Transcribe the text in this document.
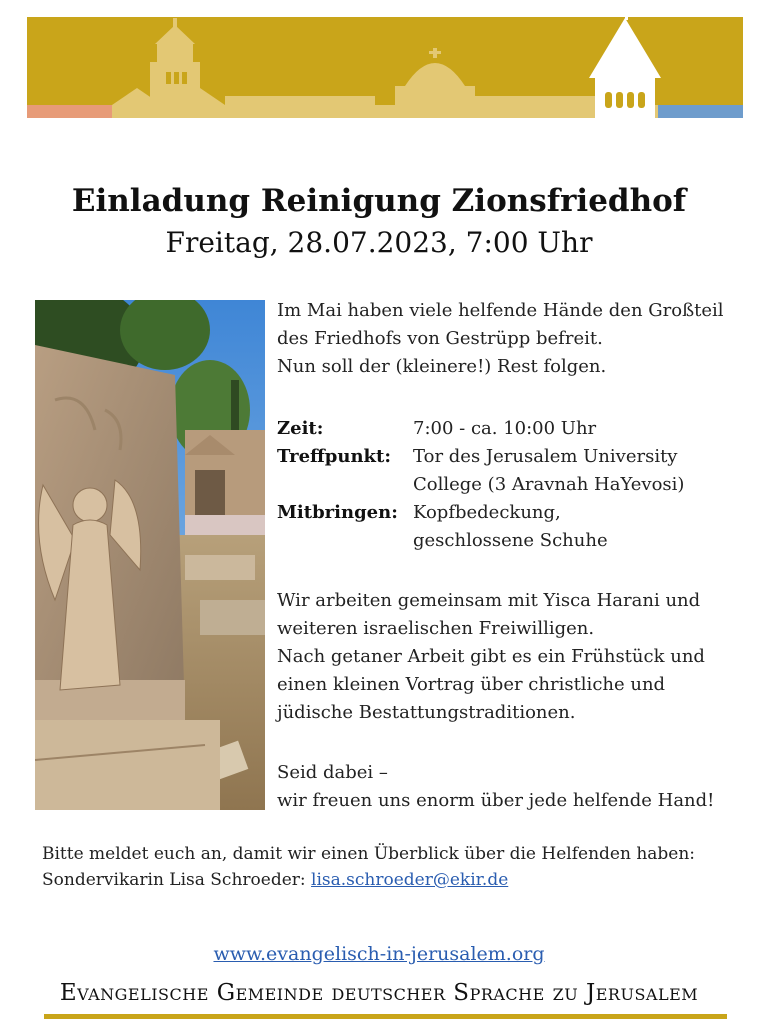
Einladung Reinigung Zionsfriedhof
Freitag, 28.07.2023, 7:00 Uhr
Im Mai haben viele helfende Hände den Großteil
des Friedhofs von Gestrüpp befreit.
Nun soll der (kleinere!) Rest folgen.
Zeit:	7:00 - ca. 10:00 Uhr
Treffpunkt:	Tor des Jerusalem University
College (3 Aravnah HaYevosi)
Mitbringen: Kopfbedeckung,
geschlossene Schuhe
Wir arbeiten gemeinsam mit Yisca Harani und
weiteren israelischen Freiwilligen.
Nach getaner Arbeit gibt es ein Frühstück und
einen kleinen Vortrag über christliche und
jüdische Bestattungstraditionen.
Seid dabei –
wir freuen uns enorm über jede helfende Hand!
Bitte meldet euch an, damit wir einen Überblick über die Helfenden haben:
Sondervikarin Lisa Schroeder: lisa.schroeder@ekir.de
www.evangelisch-in-jerusalem.org
Evangelische Gemeinde deutscher Sprache zu Jerusalem
